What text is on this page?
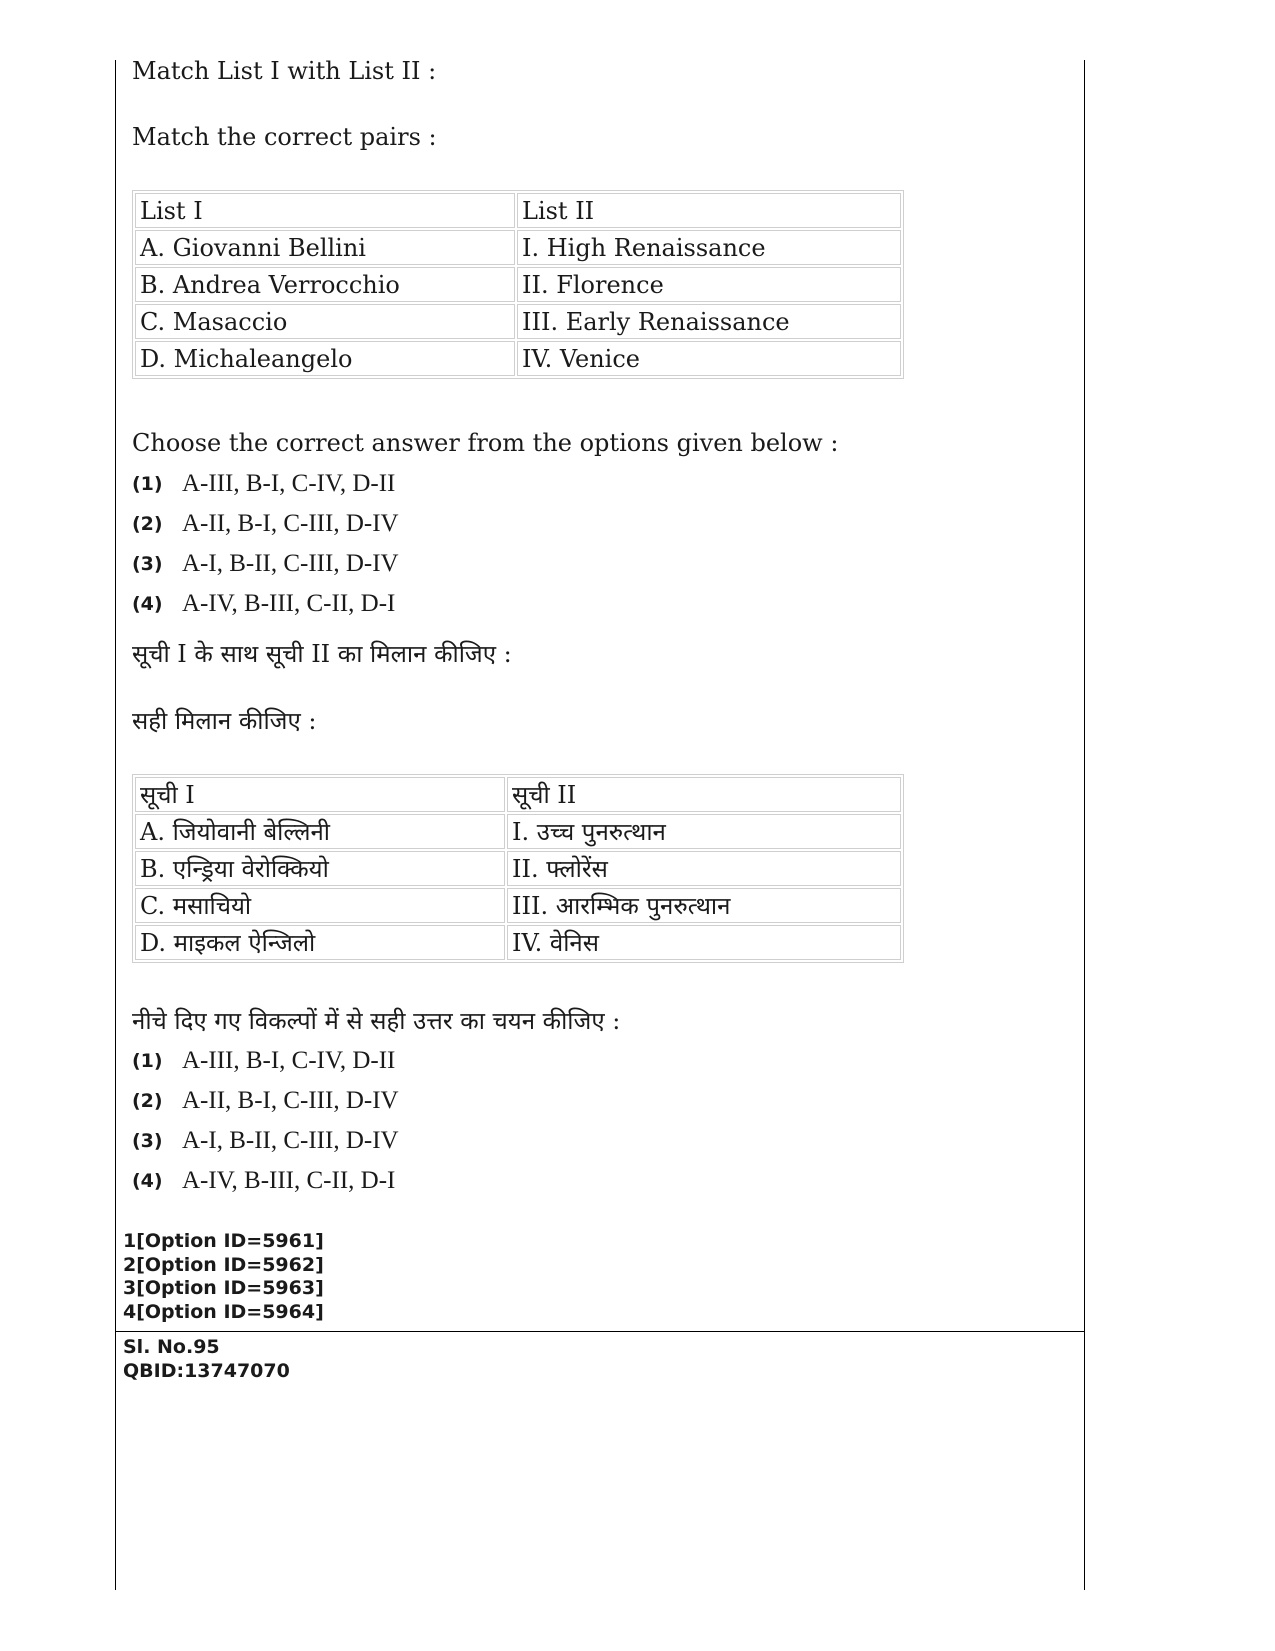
Match List I with List II :
Match the correct pairs :
List I	List II
A. Giovanni Bellini	I. High Renaissance
B. Andrea Verrocchio	II. Florence
C. Masaccio	III. Early Renaissance
D. Michaleangelo	IV. Venice
Choose the correct answer from the options given below :
(1) A-III, B-I, C-IV, D-II
(2) A-II, B-I, C-III, D-IV
(3) A-I, B-II, C-III, D-IV
(4) A-IV, B-III, C-II, D-I
सूची I के साथ सूची II का मिलान कीजिए :
सही मिलान कीजिए :
सूची I	सूची II
A. जियोवानी बेल्लिनी	I. उच्च पुनरुत्थान
B. एन्ड्रिया वेरोक्कियो	II. फ्लोरेंस
C. मसाचियो	III. आरम्भिक पुनरुत्थान
D. माइकल ऐन्जिलो	IV. वेनिस
नीचे दिए गए विकल्पों में से सही उत्तर का चयन कीजिए :
(1) A-III, B-I, C-IV, D-II
(2) A-II, B-I, C-III, D-IV
(3) A-I, B-II, C-III, D-IV
(4) A-IV, B-III, C-II, D-I
1[Option ID=5961]
2[Option ID=5962]
3[Option ID=5963]
4[Option ID=5964]
Sl. No.95
QBID:13747070
